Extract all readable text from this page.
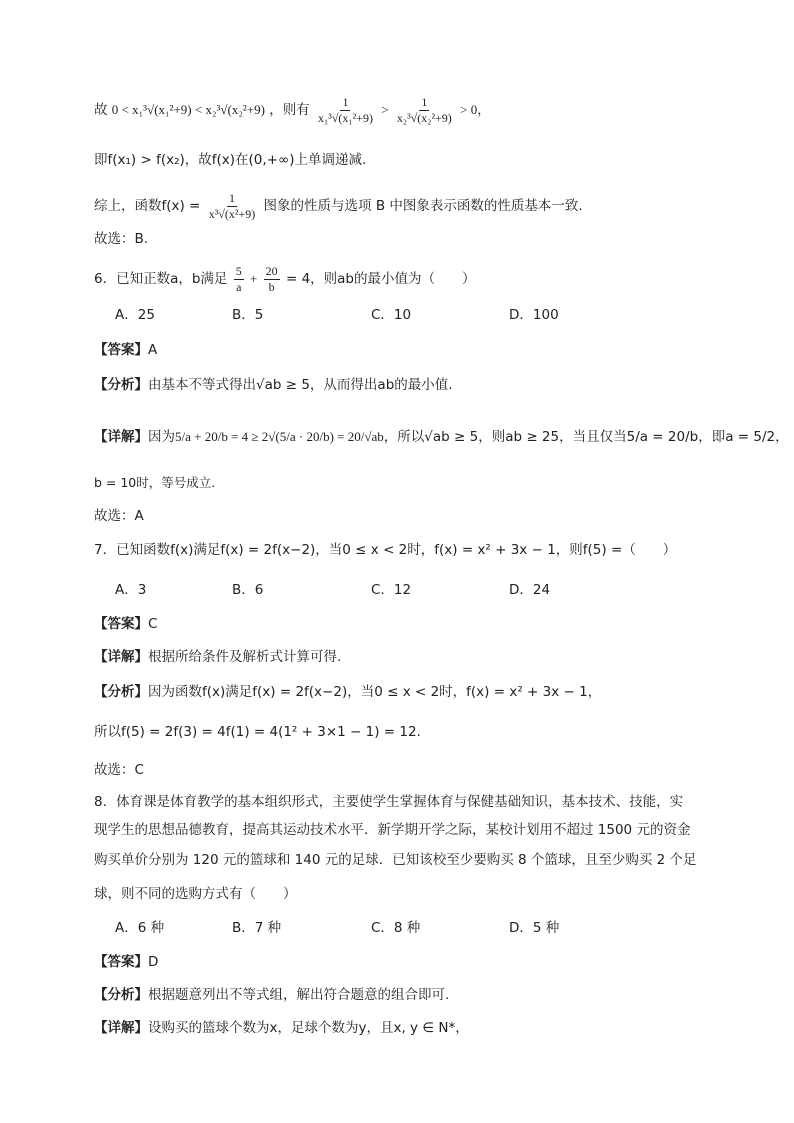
故 0 < x₁³√(x₁²+9) < x₂³√(x₂²+9) ，则有 $\frac{1}{\text{x₁³√(x₁²+9)}} > \frac{1}{\text{x₂³√(x₂²+9)}} > 0$，
即f(x₁) > f(x₂)，故f(x)在(0,+∞)上单调递减.
综上，函数$f(x) = \frac{1}{\text{x³√(x²+9)}}$ 图象的性质与选项 B 中图象表示函数的性质基本一致.
故选：B.
6．已知正数a，b满足 $\frac{5}{a} + \frac{20}{b} = 4$，则ab的最小值为（　　）
A．25	B．5	C．10	D．100
【答案】A
【分析】由基本不等式得出√ab ≥ 5，从而得出ab的最小值.
【详解】因为5/a + 20/b = 4 ≥ 2√(5/a · 20/b) = 20/√ab，所以√ab ≥ 5，则ab ≥ 25，当且仅当5/a = 20/b，即a = 5/2，
b = 10时，等号成立.
故选：A
7．已知函数f(x)满足f(x) = 2f(x−2)，当0 ≤ x < 2时，f(x) = x² + 3x − 1，则f(5) =（　　）
A．3	B．6	C．12	D．24
【答案】C
【详解】根据所给条件及解析式计算可得.
【分析】因为函数f(x)满足f(x) = 2f(x−2)，当0 ≤ x < 2时，f(x) = x² + 3x − 1，
所以f(5) = 2f(3) = 4f(1) = 4(1² + 3×1 − 1) = 12.
故选：C
8．体育课是体育教学的基本组织形式，主要使学生掌握体育与保健基础知识，基本技术、技能，实
现学生的思想品德教育，提高其运动技术水平．新学期开学之际，某校计划用不超过 1500 元的资金
购买单价分别为 120 元的篮球和 140 元的足球．已知该校至少要购买 8 个篮球，且至少购买 2 个足
球，则不同的选购方式有（　　）
A．6 种	B．7 种	C．8 种	D．5 种
【答案】D
【分析】根据题意列出不等式组，解出符合题意的组合即可.
【详解】设购买的篮球个数为x，足球个数为y，且x, y ∈ N*，
